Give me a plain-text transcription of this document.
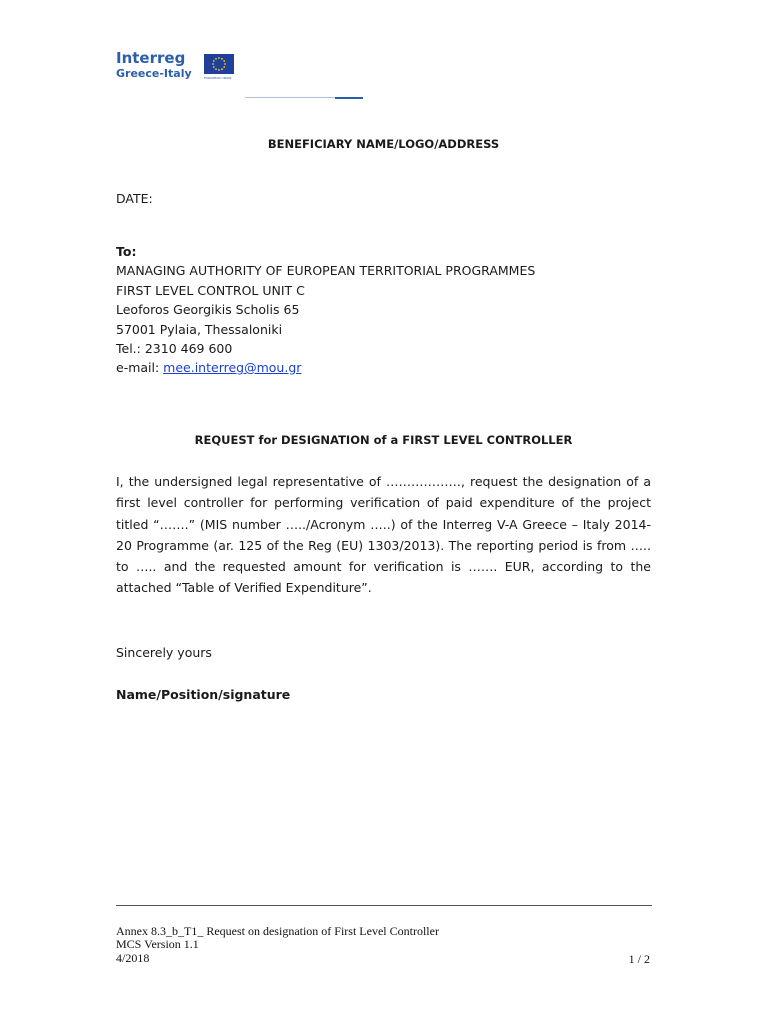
Interreg
Greece-Italy	EUROPEAN UNION
BENEFICIARY NAME/LOGO/ADDRESS
DATE:
To:
MANAGING AUTHORITY OF EUROPEAN TERRITORIAL PROGRAMMES
FIRST LEVEL CONTROL UNIT C
Leoforos Georgikis Scholis 65
57001 Pylaia, Thessaloniki
Tel.: 2310 469 600
e-mail: mee.interreg@mou.gr
REQUEST for DESIGNATION of a FIRST LEVEL CONTROLLER
I, the undersigned legal representative of ………………, request the designation of a first level controller for performing verification of paid expenditure of the project titled “…….” (MIS number …../Acronym …..) of the Interreg V-A Greece – Italy 2014-20 Programme (ar. 125 of the Reg (EU) 1303/2013). The reporting period is from ….. to ….. and the requested amount for verification is ……. EUR, according to the attached “Table of Verified Expenditure”.
Sincerely yours
Name/Position/signature
Annex 8.3_b_T1_ Request on designation of First Level Controller
MCS Version 1.1
4/2018	1 / 2
